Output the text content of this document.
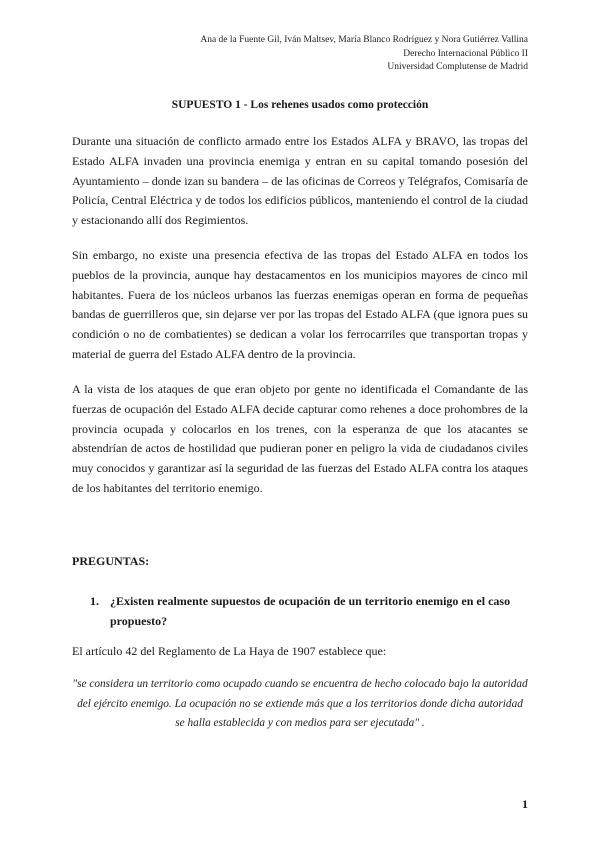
Ana de la Fuente Gil, Iván Maltsev, María Blanco Rodríguez y Nora Gutiérrez Vallina
Derecho Internacional Público II
Universidad Complutense de Madrid
SUPUESTO 1 - Los rehenes usados como protección
Durante una situación de conflicto armado entre los Estados ALFA y BRAVO, las tropas del Estado ALFA invaden una provincia enemiga y entran en su capital tomando posesión del Ayuntamiento – donde izan su bandera – de las oficinas de Correos y Telégrafos, Comisaría de Policía, Central Eléctrica y de todos los edificios públicos, manteniendo el control de la ciudad y estacionando allí dos Regimientos.
Sin embargo, no existe una presencia efectiva de las tropas del Estado ALFA en todos los pueblos de la provincia, aunque hay destacamentos en los municipios mayores de cinco mil habitantes. Fuera de los núcleos urbanos las fuerzas enemigas operan en forma de pequeñas bandas de guerrilleros que, sin dejarse ver por las tropas del Estado ALFA (que ignora pues su condición o no de combatientes) se dedican a volar los ferrocarriles que transportan tropas y material de guerra del Estado ALFA dentro de la provincia.
A la vista de los ataques de que eran objeto por gente no identificada el Comandante de las fuerzas de ocupación del Estado ALFA decide capturar como rehenes a doce prohombres de la provincia ocupada y colocarlos en los trenes, con la esperanza de que los atacantes se abstendrían de actos de hostilidad que pudieran poner en peligro la vida de ciudadanos civiles muy conocidos y garantizar así la seguridad de las fuerzas del Estado ALFA contra los ataques de los habitantes del territorio enemigo.
PREGUNTAS:
1. ¿Existen realmente supuestos de ocupación de un territorio enemigo en el caso propuesto?
El artículo 42 del Reglamento de La Haya de 1907 establece que:
"se considera un territorio como ocupado cuando se encuentra de hecho colocado bajo la autoridad del ejército enemigo. La ocupación no se extiende más que a los territorios donde dicha autoridad se halla establecida y con medios para ser ejecutada" .
1
